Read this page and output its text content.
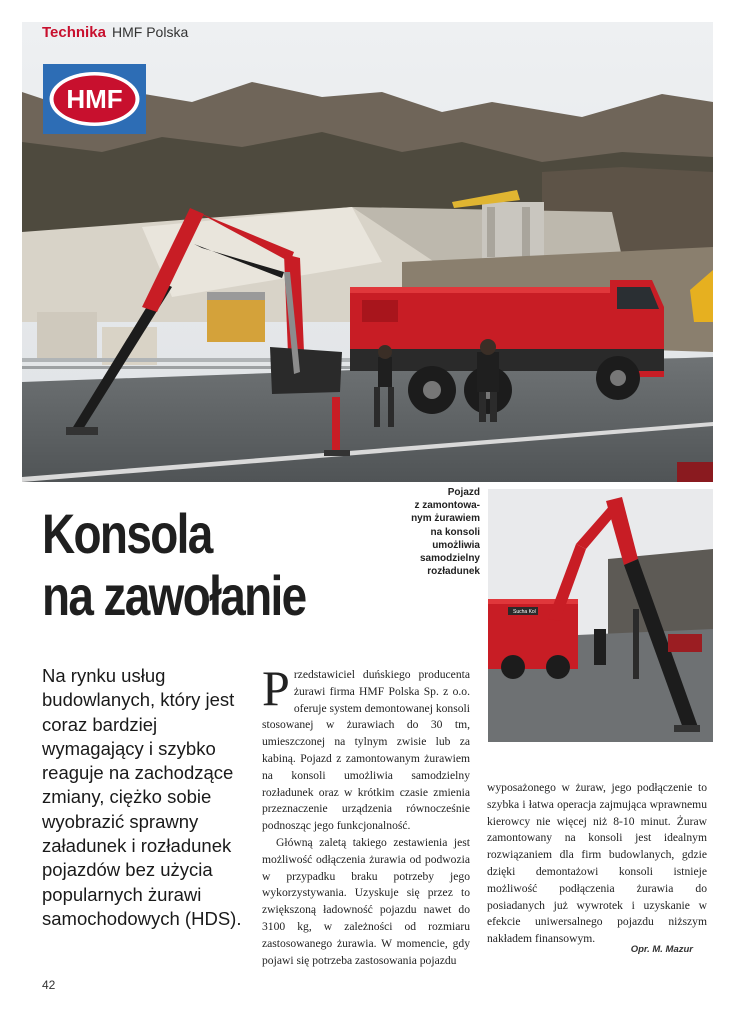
Technika HMF Polska
HMF
Konsola
na zawołanie
Pojazd
z zamontowa-
nym żurawiem
na konsoli
umożliwia
samodzielny
rozładunek
Sucha Kol
Na rynku usług budowlanych, który jest coraz bardziej wymagający i szybko reaguje na zachodzące zmiany, ciężko sobie wyobrazić sprawny załadunek i rozładunek pojazdów bez użycia popularnych żurawi samochodowych (HDS).
Przedstawiciel duńskiego producenta żurawi firma HMF Polska Sp. z o.o. oferuje system demontowanej konsoli stosowanej w żurawiach do 30 tm, umieszczonej na tylnym zwisie lub za kabiną. Pojazd z zamontowanym żurawiem na konsoli umożliwia samodzielny rozładunek oraz w krótkim czasie zmienia przeznaczenie urządzenia równocześnie podnosząc jego funkcjonalność.
Główną zaletą takiego zestawienia jest możliwość odłączenia żurawia od podwozia w przypadku braku potrzeby jego wykorzystywania. Uzyskuje się przez to zwiększoną ładowność pojazdu nawet do 3100 kg, w zależności od rozmiaru zastosowanego żurawia. W momencie, gdy pojawi się potrzeba zastosowania pojazdu
wyposażonego w żuraw, jego podłączenie to szybka i łatwa operacja zajmująca wprawnemu kierowcy nie więcej niż 8-10 minut. Żuraw zamontowany na konsoli jest idealnym rozwiązaniem dla firm budowlanych, gdzie dzięki demontażowi konsoli istnieje możliwość podłączenia żurawia do posiadanych już wywrotek i uzyskanie w efekcie uniwersalnego pojazdu niższym nakładem finansowym.
Opr. M. Mazur
42
